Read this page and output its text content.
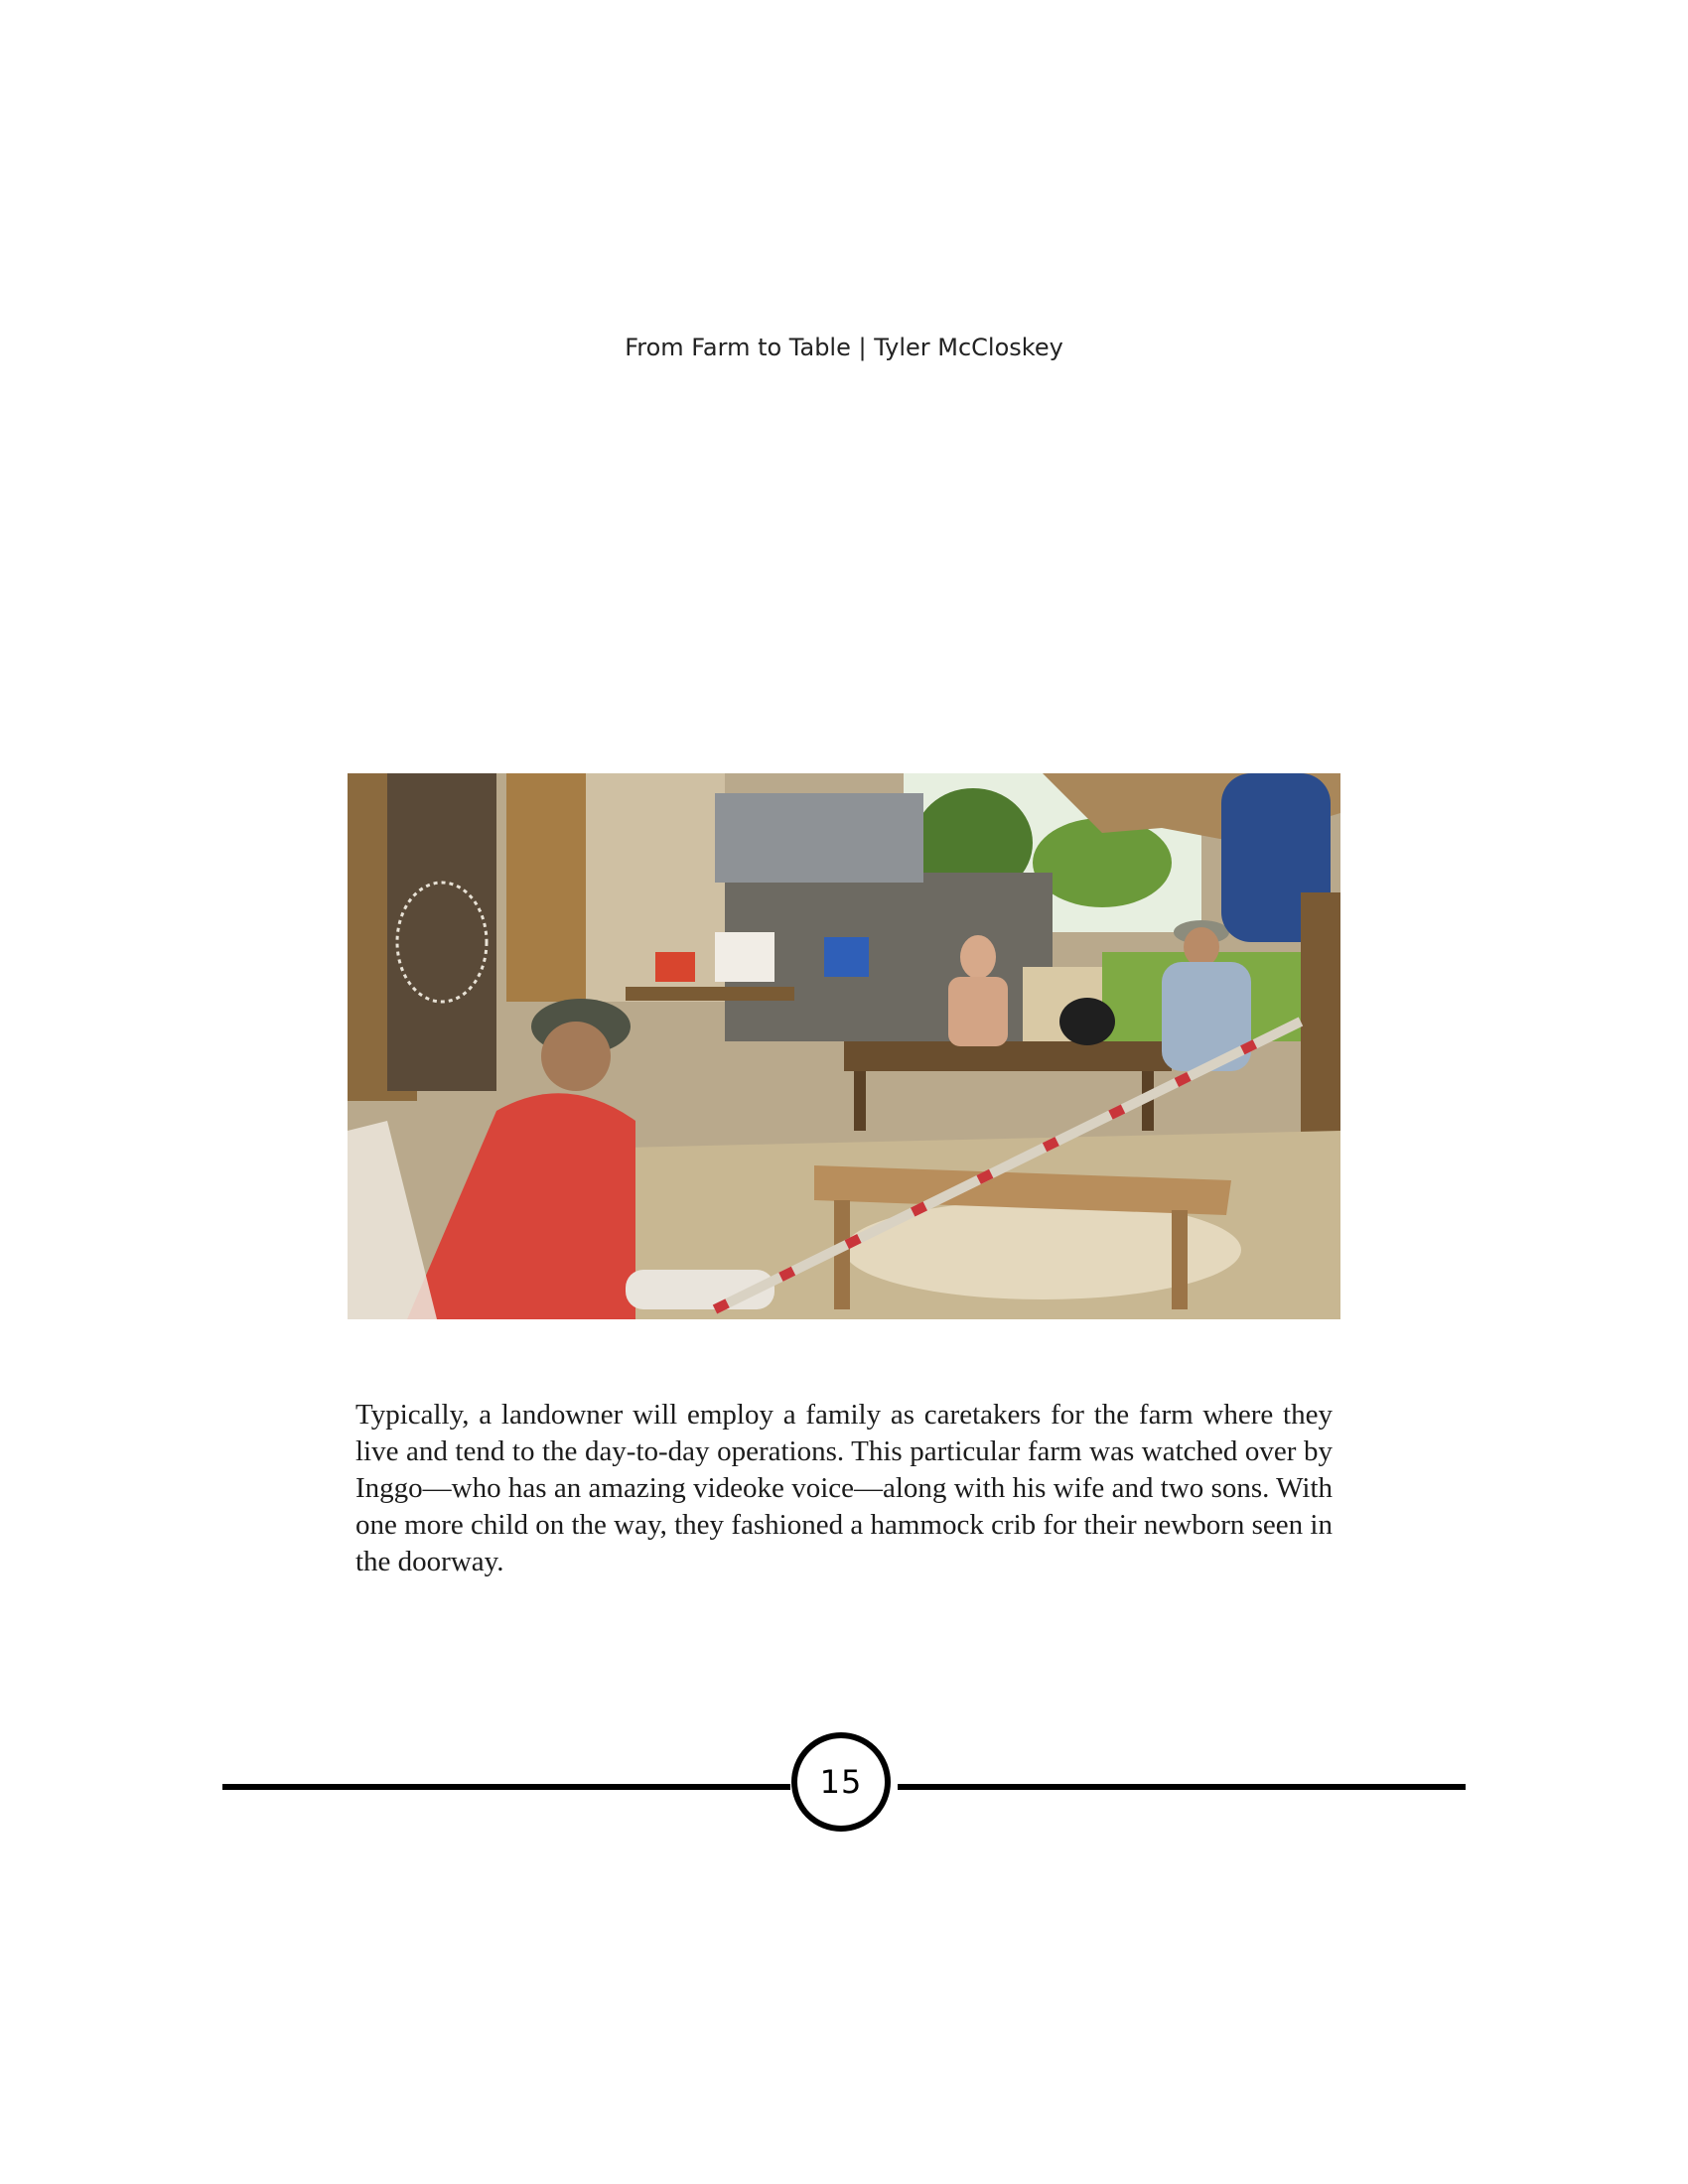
From Farm to Table | Tyler McCloskey

Typically, a landowner will employ a family as caretakers for the farm where they live and tend to the day-to-day operations. This particular farm was watched over by Inggo—who has an amazing videoke voice—along with his wife and two sons. With one more child on the way, they fashioned a hammock crib for their newborn seen in the doorway.

15
